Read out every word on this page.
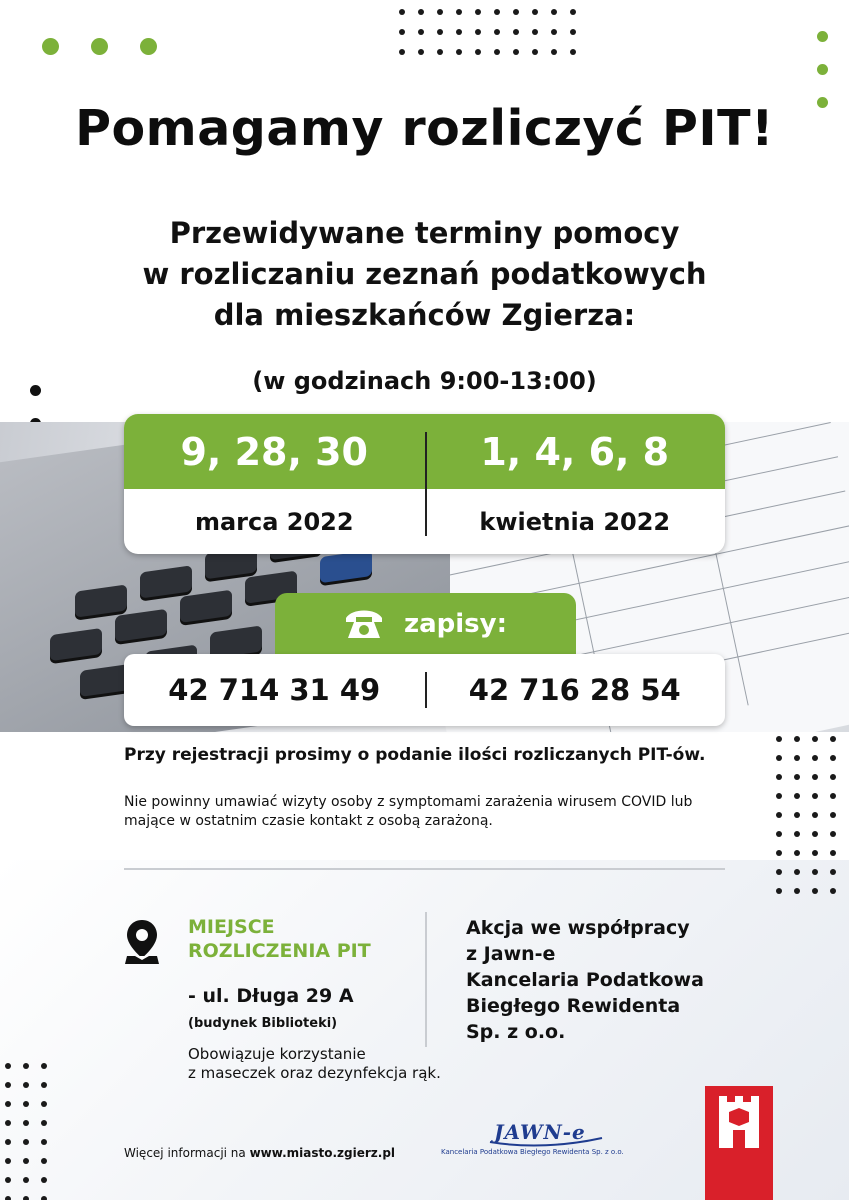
Pomagamy rozliczyć PIT!
Przewidywane terminy pomocy
w rozliczaniu zeznań podatkowych
dla mieszkańców Zgierza:
(w godzinach 9:00-13:00)
9, 28, 30	1, 4, 6, 8
marca 2022	kwietnia 2022
zapisy:
42 714 31 49	42 716 28 54
Przy rejestracji prosimy o podanie ilości rozliczanych PIT-ów.
Nie powinny umawiać wizyty osoby z symptomami zarażenia wirusem COVID lub
mające w ostatnim czasie kontakt z osobą zarażoną.
MIEJSCE
ROZLICZENIA PIT
- ul. Długa 29 A
(budynek Biblioteki)
Obowiązuje korzystanie
z maseczek oraz dezynfekcja rąk.
Akcja we współpracy
z Jawn-e
Kancelaria Podatkowa
Biegłego Rewidenta
Sp. z o.o.
Więcej informacji na www.miasto.zgierz.pl
JAWN-e
Kancelaria Podatkowa Biegłego Rewidenta Sp. z o.o.
